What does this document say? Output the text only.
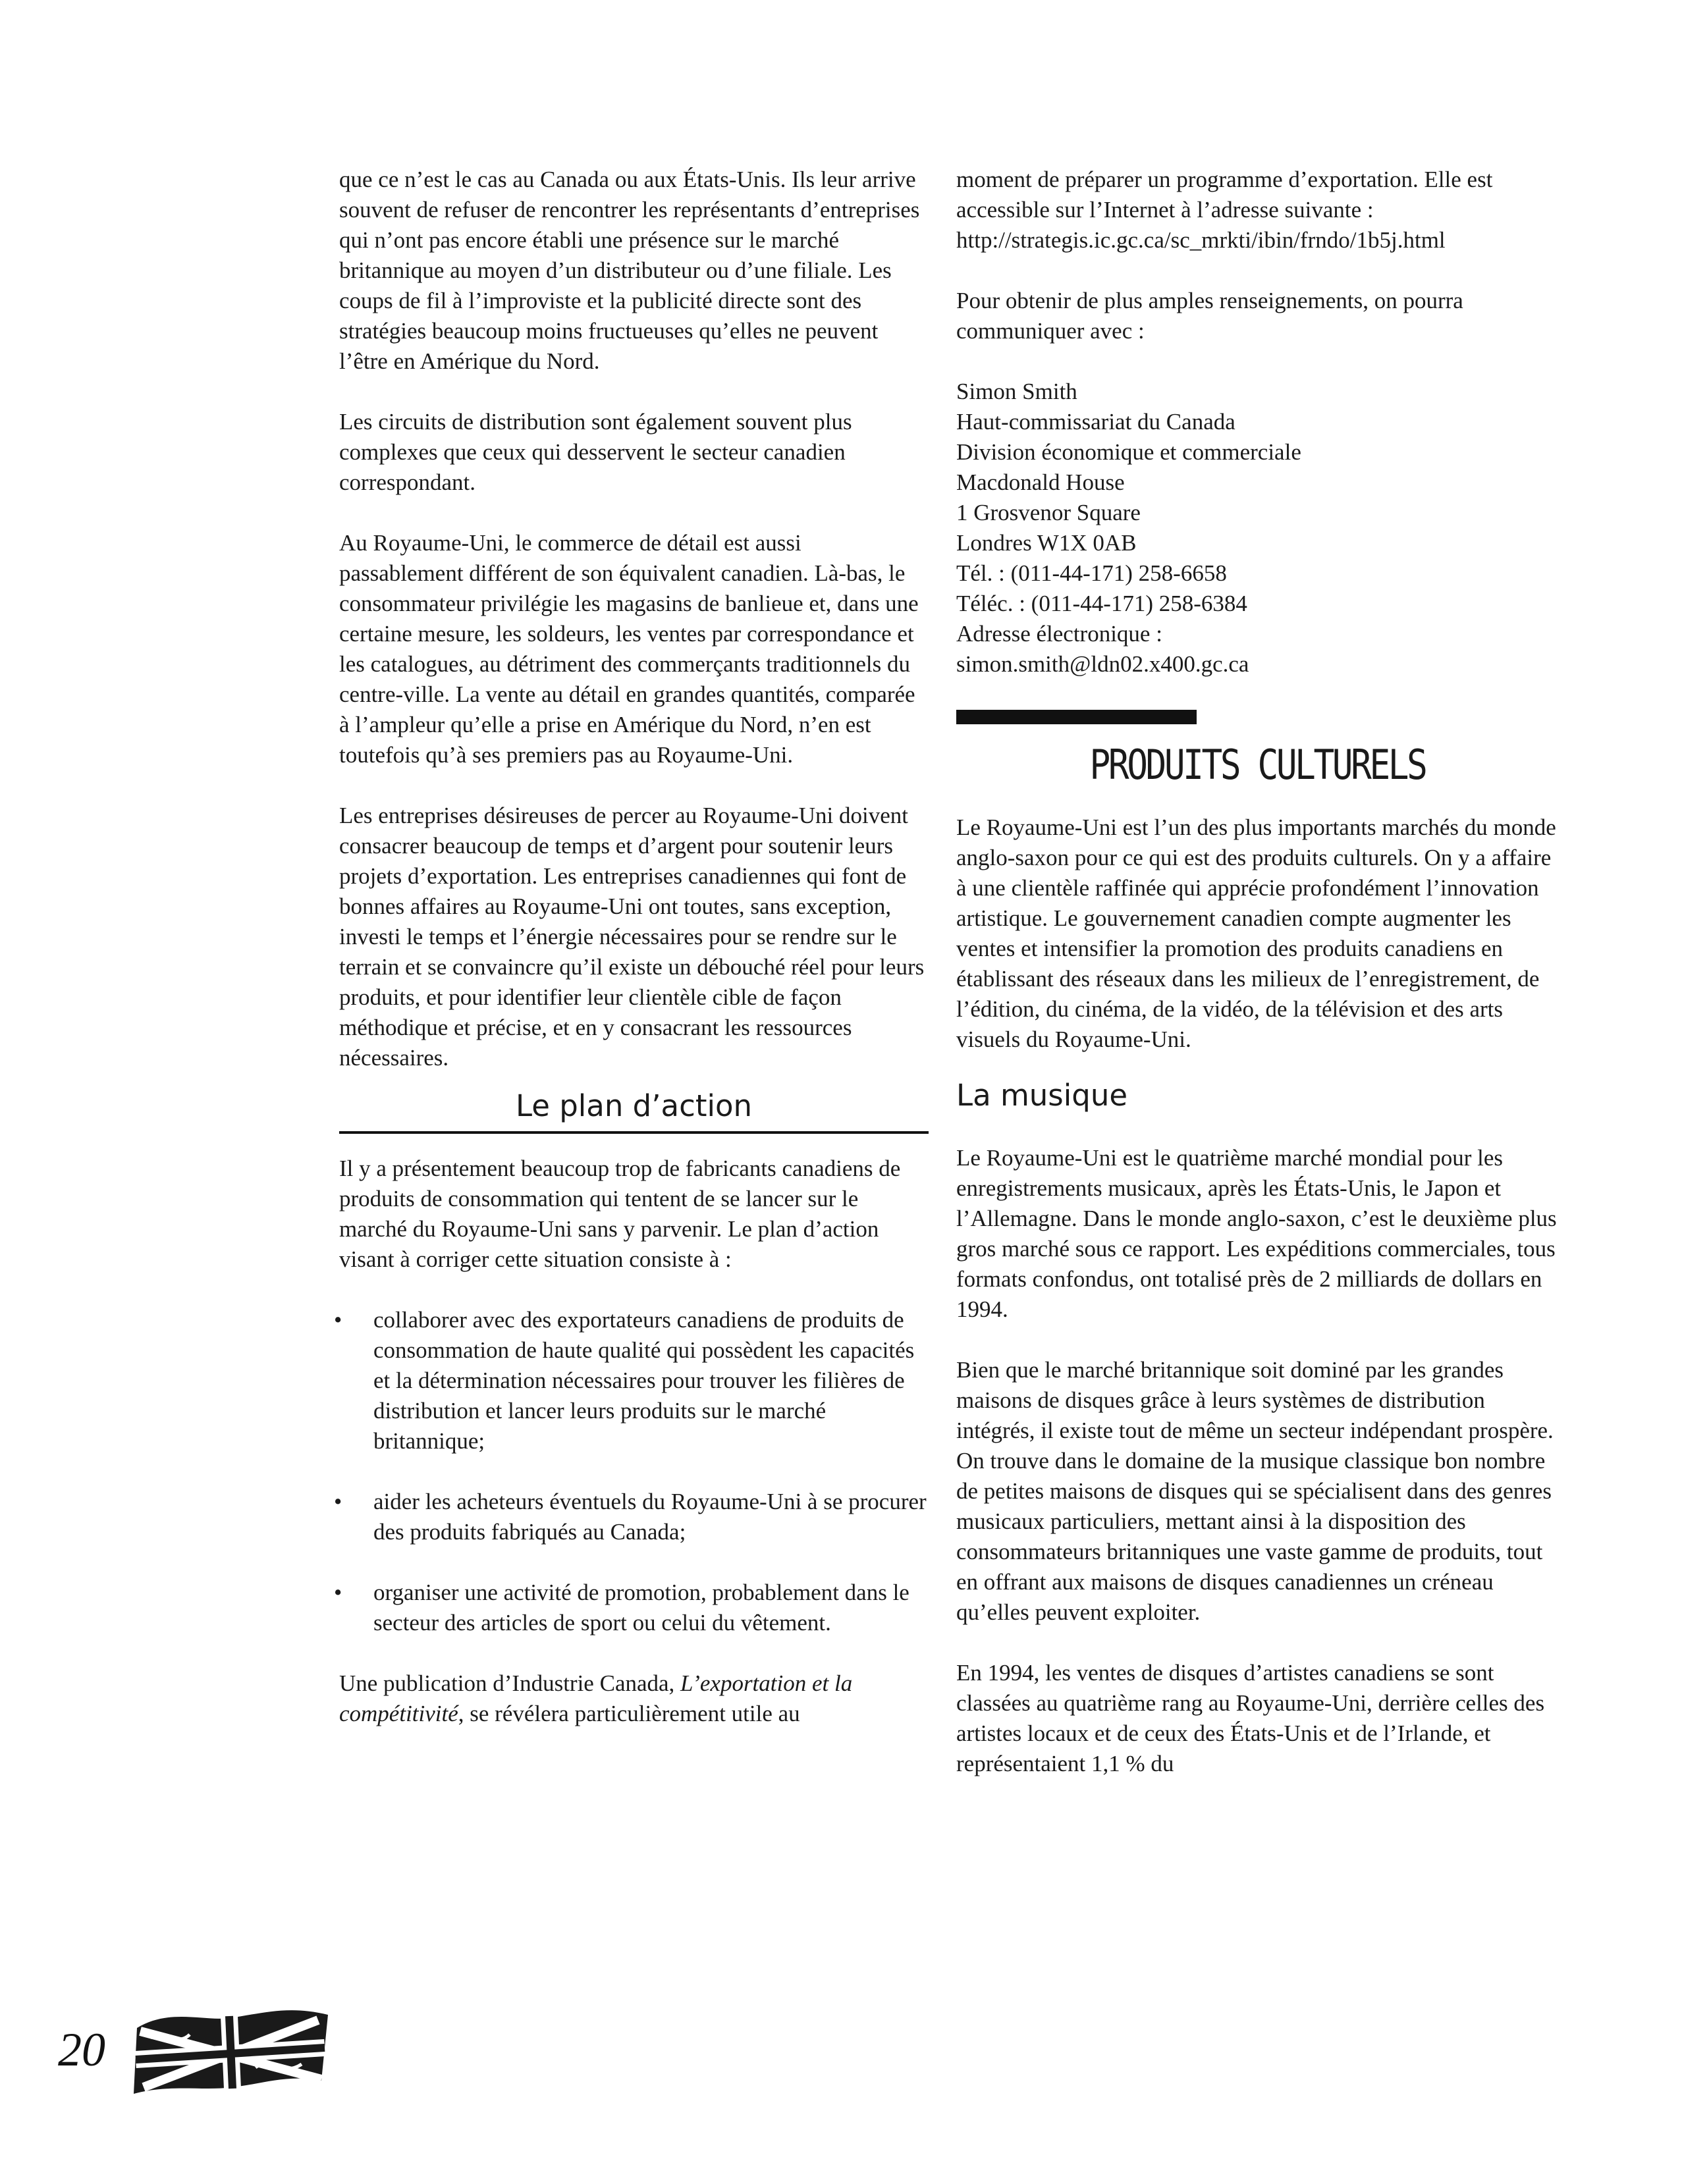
que ce n’est le cas au Canada ou aux États-Unis. Ils leur arrive souvent de refuser de rencontrer les représentants d’entreprises qui n’ont pas encore établi une présence sur le marché britannique au moyen d’un distributeur ou d’une filiale. Les coups de fil à l’improviste et la publicité directe sont des stratégies beaucoup moins fructueuses qu’elles ne peuvent l’être en Amérique du Nord.

Les circuits de distribution sont également souvent plus complexes que ceux qui desservent le secteur canadien correspondant.

Au Royaume-Uni, le commerce de détail est aussi passablement différent de son équivalent canadien. Là-bas, le consommateur privilégie les magasins de banlieue et, dans une certaine mesure, les soldeurs, les ventes par correspondance et les catalogues, au détriment des commerçants traditionnels du centre-ville. La vente au détail en grandes quantités, comparée à l’ampleur qu’elle a prise en Amérique du Nord, n’en est toutefois qu’à ses premiers pas au Royaume-Uni.

Les entreprises désireuses de percer au Royaume-Uni doivent consacrer beaucoup de temps et d’argent pour soutenir leurs projets d’exportation. Les entreprises canadiennes qui font de bonnes affaires au Royaume-Uni ont toutes, sans exception, investi le temps et l’énergie nécessaires pour se rendre sur le terrain et se convaincre qu’il existe un débouché réel pour leurs produits, et pour identifier leur clientèle cible de façon méthodique et précise, et en y consacrant les ressources nécessaires.

Le plan d’action

Il y a présentement beaucoup trop de fabricants canadiens de produits de consommation qui tentent de se lancer sur le marché du Royaume-Uni sans y parvenir. Le plan d’action visant à corriger cette situation consiste à :

• collaborer avec des exportateurs canadiens de produits de consommation de haute qualité qui possèdent les capacités et la détermination nécessaires pour trouver les filières de distribution et lancer leurs produits sur le marché britannique;
• aider les acheteurs éventuels du Royaume-Uni à se procurer des produits fabriqués au Canada;
• organiser une activité de promotion, probablement dans le secteur des articles de sport ou celui du vêtement.

Une publication d’Industrie Canada, L’exportation et la compétitivité, se révélera particulièrement utile au

moment de préparer un programme d’exportation. Elle est accessible sur l’Internet à l’adresse suivante : http://strategis.ic.gc.ca/sc_mrkti/ibin/frndo/1b5j.html

Pour obtenir de plus amples renseignements, on pourra communiquer avec :

Simon Smith
Haut-commissariat du Canada
Division économique et commerciale
Macdonald House
1 Grosvenor Square
Londres W1X 0AB
Tél. : (011-44-171) 258-6658
Téléc. : (011-44-171) 258-6384
Adresse électronique :
simon.smith@ldn02.x400.gc.ca
PRODUITS CULTURELS

Le Royaume-Uni est l’un des plus importants marchés du monde anglo-saxon pour ce qui est des produits culturels. On y a affaire à une clientèle raffinée qui apprécie profondément l’innovation artistique. Le gouvernement canadien compte augmenter les ventes et intensifier la promotion des produits canadiens en établissant des réseaux dans les milieux de l’enregistrement, de l’édition, du cinéma, de la vidéo, de la télévision et des arts visuels du Royaume-Uni.

La musique

Le Royaume-Uni est le quatrième marché mondial pour les enregistrements musicaux, après les États-Unis, le Japon et l’Allemagne. Dans le monde anglo-saxon, c’est le deuxième plus gros marché sous ce rapport. Les expéditions commerciales, tous formats confondus, ont totalisé près de 2 milliards de dollars en 1994.

Bien que le marché britannique soit dominé par les grandes maisons de disques grâce à leurs systèmes de distribution intégrés, il existe tout de même un secteur indépendant prospère. On trouve dans le domaine de la musique classique bon nombre de petites maisons de disques qui se spécialisent dans des genres musicaux particuliers, mettant ainsi à la disposition des consommateurs britanniques une vaste gamme de produits, tout en offrant aux maisons de disques canadiennes un créneau qu’elles peuvent exploiter.

En 1994, les ventes de disques d’artistes canadiens se sont classées au quatrième rang au Royaume-Uni, derrière celles des artistes locaux et de ceux des États-Unis et de l’Irlande, et représentaient 1,1 % du

20
